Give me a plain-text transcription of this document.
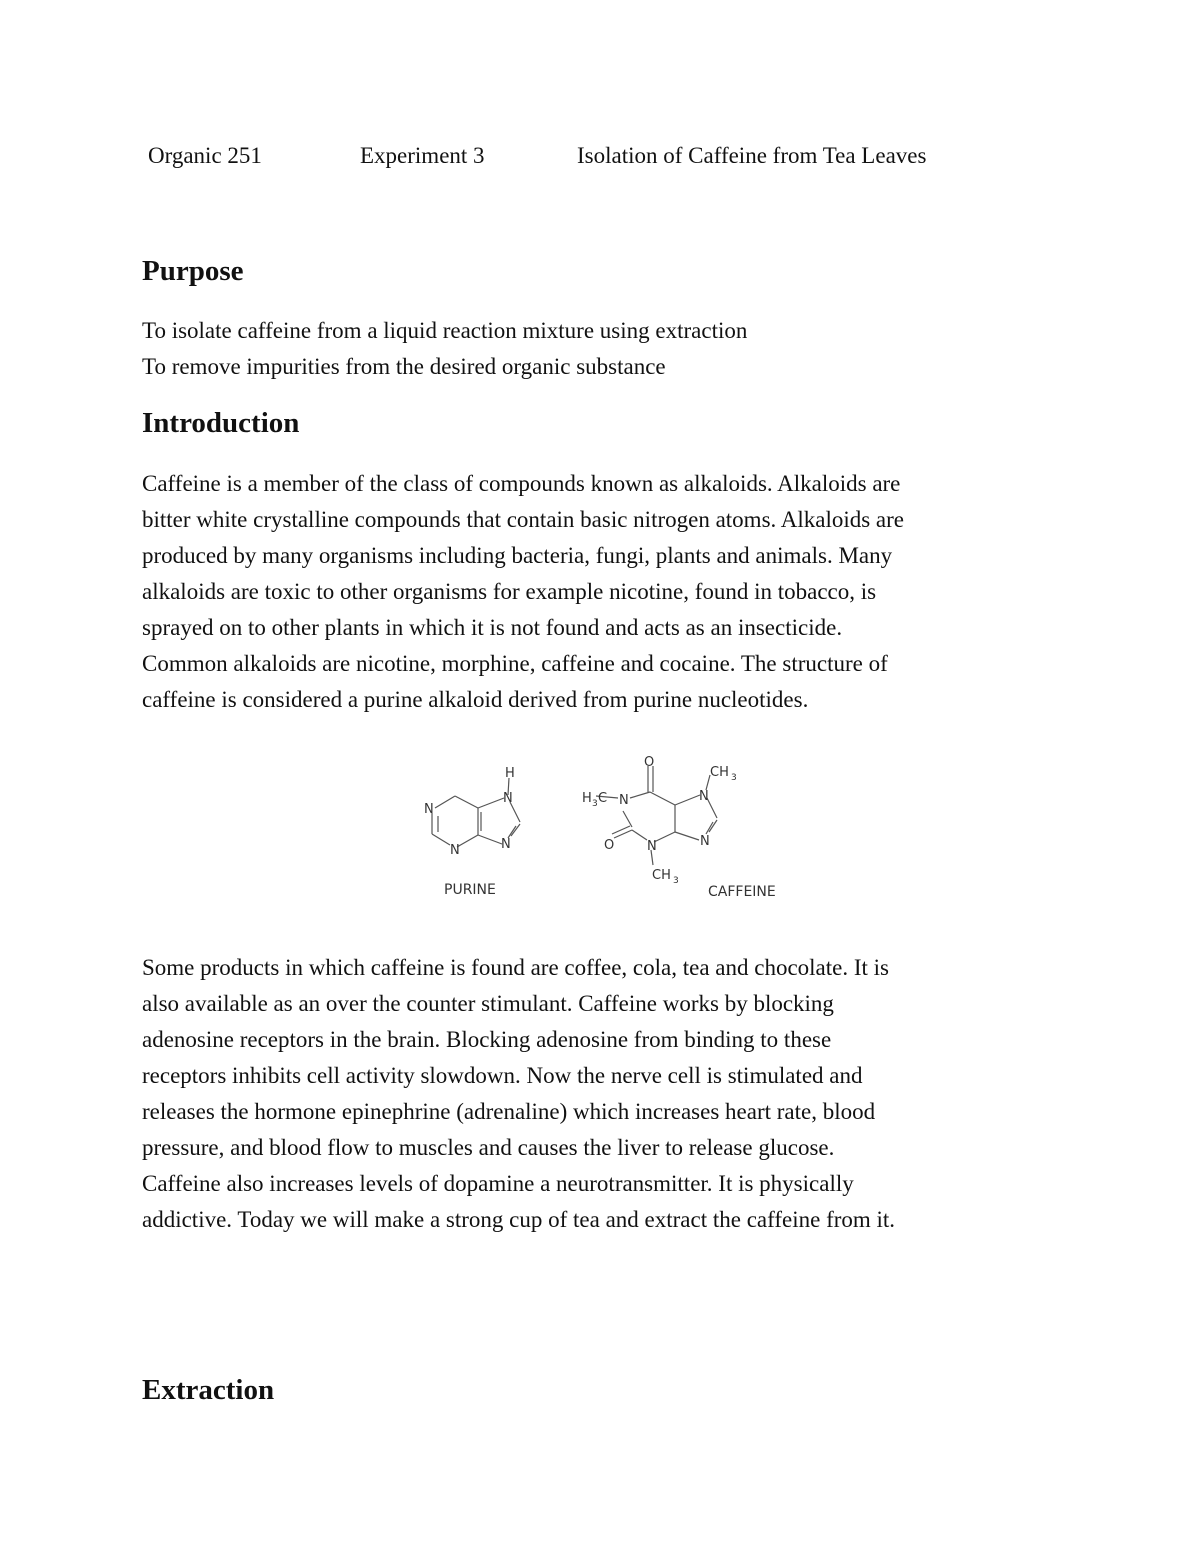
Organic 251	Experiment 3	Isolation of Caffeine from Tea Leaves
Purpose

To isolate caffeine from a liquid reaction mixture using extraction

To remove impurities from the desired organic substance

Introduction

Caffeine is a member of the class of compounds known as alkaloids. Alkaloids are

bitter white crystalline compounds that contain basic nitrogen atoms. Alkaloids are

produced by many organisms including bacteria, fungi, plants and animals. Many

alkaloids are toxic to other organisms for example nicotine, found in tobacco, is

sprayed on to other plants in which it is not found and acts as an insecticide.

Common alkaloids are nicotine, morphine, caffeine and cocaine. The structure of

caffeine is considered a purine alkaloid derived from purine nucleotides.

N
N
N
N
H
PURINE
O
O
N
N
N
N
H 3 C
CH 3
CH 3
CAFFEINE

Some products in which caffeine is found are coffee, cola, tea and chocolate. It is

also available as an over the counter stimulant. Caffeine works by blocking

adenosine receptors in the brain. Blocking adenosine from binding to these

receptors inhibits cell activity slowdown. Now the nerve cell is stimulated and

releases the hormone epinephrine (adrenaline) which increases heart rate, blood

pressure, and blood flow to muscles and causes the liver to release glucose.

Caffeine also increases levels of dopamine a neurotransmitter. It is physically

addictive. Today we will make a strong cup of tea and extract the caffeine from it.

Extraction
